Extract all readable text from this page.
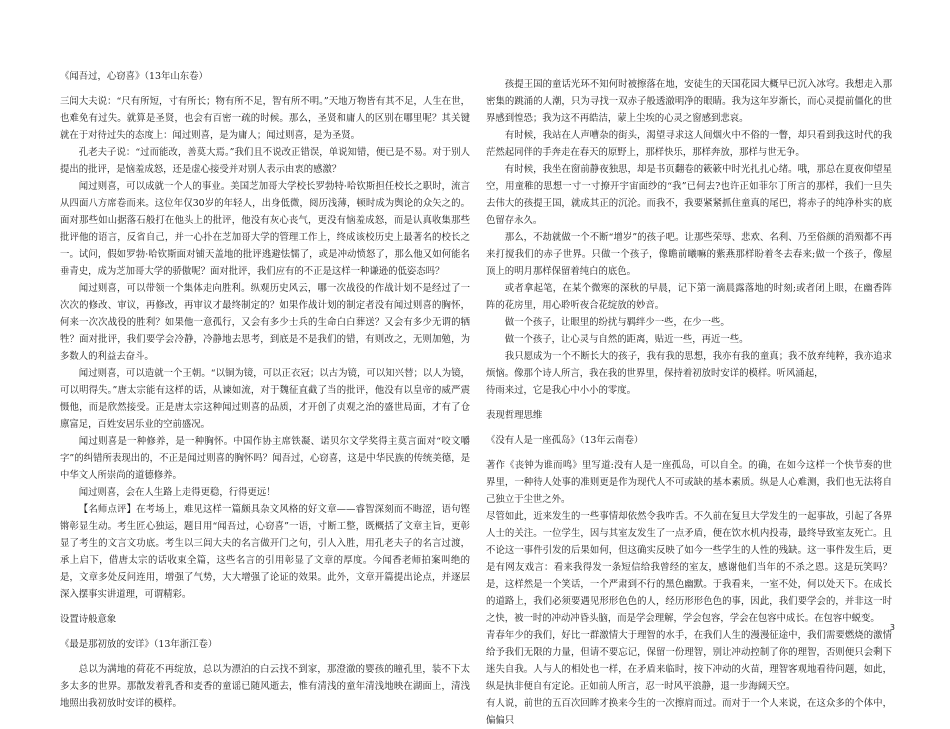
《闻吾过，心窃喜》（13年山东卷）

三闾大夫说：“尺有所短，寸有所长；物有所不足，智有所不明。”天地万物皆有其不足，人生在世，也难免有过失。就算是圣贤，也会有百密一疏的时候。那么，圣贤和庸人的区别在哪里呢？其关键就在于对待过失的态度上：闻过则喜，是为庸人；闻过则喜，是为圣贤。

孔老夫子说：“过而能改，善莫大焉。”我们且不说改正错误，单说知错，便已是不易。对于别人提出的批评，是恼羞成怒，还是虚心接受并对别人表示由衷的感激？

闻过则喜，可以成就一个人的事业。美国芝加哥大学校长罗勃特·哈钦斯担任校长之职时，流言从四面八方席卷而来。这位年仅30岁的年轻人，出身低微，阅历浅薄，顿时成为舆论的众矢之的。面对那些如山据落石般打在他头上的批评，他没有灰心丧气，更没有恼羞成怒，而是认真收集那些批评他的语言，反省自己，并一心扑在芝加哥大学的管理工作上，终成该校历史上最著名的校长之一。试问，假如罗勃·哈钦斯面对铺天盖地的批评逃避怯懦了，或是冲动愤怒了，那么他又如何能名垂青史，成为芝加哥大学的骄傲呢？面对批评，我们应有的不正是这样一种谦逊的低姿态吗？

闻过则喜，可以带领一个集体走向胜利。纵观历史风云，哪一次战役的作战计划不是经过了一次次的修改、审议，再修改，再审议才最终制定的？如果作战计划的制定者没有闻过则喜的胸怀，何来一次次战役的胜利？如果他一意孤行，又会有多少士兵的生命白白葬送？又会有多少无谓的牺牲？面对批评，我们要学会冷静，冷静地去思考，到底是不是我们的错，有则改之，无则加勉，为多数人的利益去奋斗。

闻过则喜，可以造就一个王朝。“以铜为镜，可以正衣冠；以古为镜，可以知兴替；以人为镜，可以明得失。”唐太宗能有这样的话，从谏如流，对于魏征直截了当的批评，他没有以皇帝的威严震慑他，而是欣然接受。正是唐太宗这种闻过则喜的品质，才开创了贞观之治的盛世局面，才有了仓廪富足，百姓安居乐业的空前盛况。

闻过则喜是一种修养，是一种胸怀。中国作协主席铁凝、诺贝尔文学奖得主莫言面对“咬文嚼字”的纠错所表现出的，不正是闻过则喜的胸怀吗？闻吾过，心窃喜，这是中华民族的传统美德，是中华文人所崇尚的道德修养。

闻过则喜，会在人生路上走得更稳，行得更远！

【名师点评】在考场上，难见这样一篇颇具杂文风格的好文章——睿智深刻而不晦涩，语句铿锵彰显生动。考生匠心独运，题目用“闻吾过，心窃喜”一语，寸断工整，既概括了文章主旨，更彰显了考生的文言文功底。考生以三闾大夫的名言做开门之句，引人入胜，用孔老夫子的名言过渡，承上启下，借唐太宗的话收束全篇，这些名言的引用彰显了文章的厚度。今闻香老师拍案叫绝的是，文章多处反问连用，增强了气势，大大增强了论证的效果。此外，文章开篇提出论点，并逐层深入摆事实讲道理，可谓精彩。

设置诗般意象

《最是那初放的安详》（13年浙江卷）

总以为满地的荷花不再绽放，总以为漂泊的白云找不到家，那澄澈的婴孩的瞳孔里，装不下太多太多的世界。那散发着乳香和麦香的童谣已随风逝去，惟有清浅的童年清浅地映在湖面上，清浅地照出我初放时安详的模样。

孩提王国的童话光环不知何时被擦落在地，安徒生的天国花园大概早已沉入冰穹。我想走入那密集的跳涌的人潮，只为寻找一双赤子般透澈明净的眼睛。我为这年岁渐长，而心灵提前僵化的世界感到惶恐；我为这不再皓洁，蒙上尘埃的心灵之窗感到悲哀。

有时候，我站在人声嘈杂的街头，渴望寻求这人间烟火中不俗的一瞥，却只看到我这时代的我茫然起同伴的手奔走在春天的原野上，那样快乐，那样奔放，那样与世无争。

有时候，我坐在窗前静夜独思，却是书页翻卷的簌簌中时光扎扎心绪。哦，那总在夏夜仰望星空，用童稚的思想一寸一寸撩开宇宙面纱的“我”已何去?也许正如菲尔丁所言的那样，我们一旦失去伟大的孩提王国，就成其正的沉沦。而我不，我要紧紧抓住童真的尾巴，将赤子的纯净朴实的底色留存永久。

那么，不劫就做一个不断“增岁”的孩子吧。让那些荣辱、悲欢、名利、乃至俗颜的消殒都不再来打搅我们的赤子世界。只做一个孩子，像瞻前曦嘛的紫燕那样盼着冬去春来;做一个孩子，像屋顶上的明月那样保留着纯白的底色。

或者拿起笔，在某个微寒的深秋的早晨，记下第一滴晨露落地的时刻;或者闭上眼，在幽香阵阵的花房里，用心聆听夜合花绽放的妙音。

做一个孩子，让眼里的纷扰与羁绊少一些，在少一些。

做一个孩子，让心灵与自然的距离，贴近一些，再近一些。

我只愿成为一个不断长大的孩子，我有我的思想，我亦有我的童真；我不放弃纯粹，我亦追求烦恼。像那个诗人所言，我在我的世界里，保持着初放时安详的模样。听风涌起，

待雨来过，它是我心中小小的零度。

表现哲理思维

《没有人是一座孤岛》（13年云南卷）

著作《丧钟为谁而鸣》里写道:没有人是一座孤岛，可以自全。的确，在如今这样一个快节奏的世界里，一种待人处事的准则更是作为现代人不可或缺的基本素质。纵是人心难测，我们也无法将自己独立于尘世之外。

尽管如此，近来发生的一些事情却依然令我咋舌。不久前在复旦大学发生的一起事故，引起了各界人士的关注。一位学生，因与其室友发生了一点矛盾，便在饮水机内投毒，最终导致室友死亡。且不论这一事件引发的后果如何，但这确实反映了如今一些学生的人性的残缺。这一事件发生后，更是有网友戏言：看来我得发一条短信给我曾经的室友，感谢他们当年的不杀之恩。这是玩笑吗？是，这样然是一个笑话，一个严肃到不行的黑色幽默。于我看来，一室不处，何以处天下。在成长的道路上，我们必须要遇见形形色色的人，经历形形色色的事，因此，我们要学会的，并非这一时之快，被一时的冲动冲昏头脑，而是学会理解，学会包容，学会在包容中成长。在包容中蜕变。

青春年少的我们，好比一群激情大于理智的水手，在我们人生的漫漫征途中，我们需要燃烧的激情给予我们无限的力量，但请不要忘记，保留一份理智，别让冲动控制了你的理智，否则便只会剩下迷失自我。人与人的相处也一样，在矛盾来临时，按下冲动的火苗，理智客观地看待问题，如此，纵是执非便自有定论。正如前人所言，忍一时风平浪静，退一步海阔天空。

有人说，前世的五百次回眸才换来今生的一次擦肩而过。而对于一个人来说，在这众多的个体中，偏偏只

3
